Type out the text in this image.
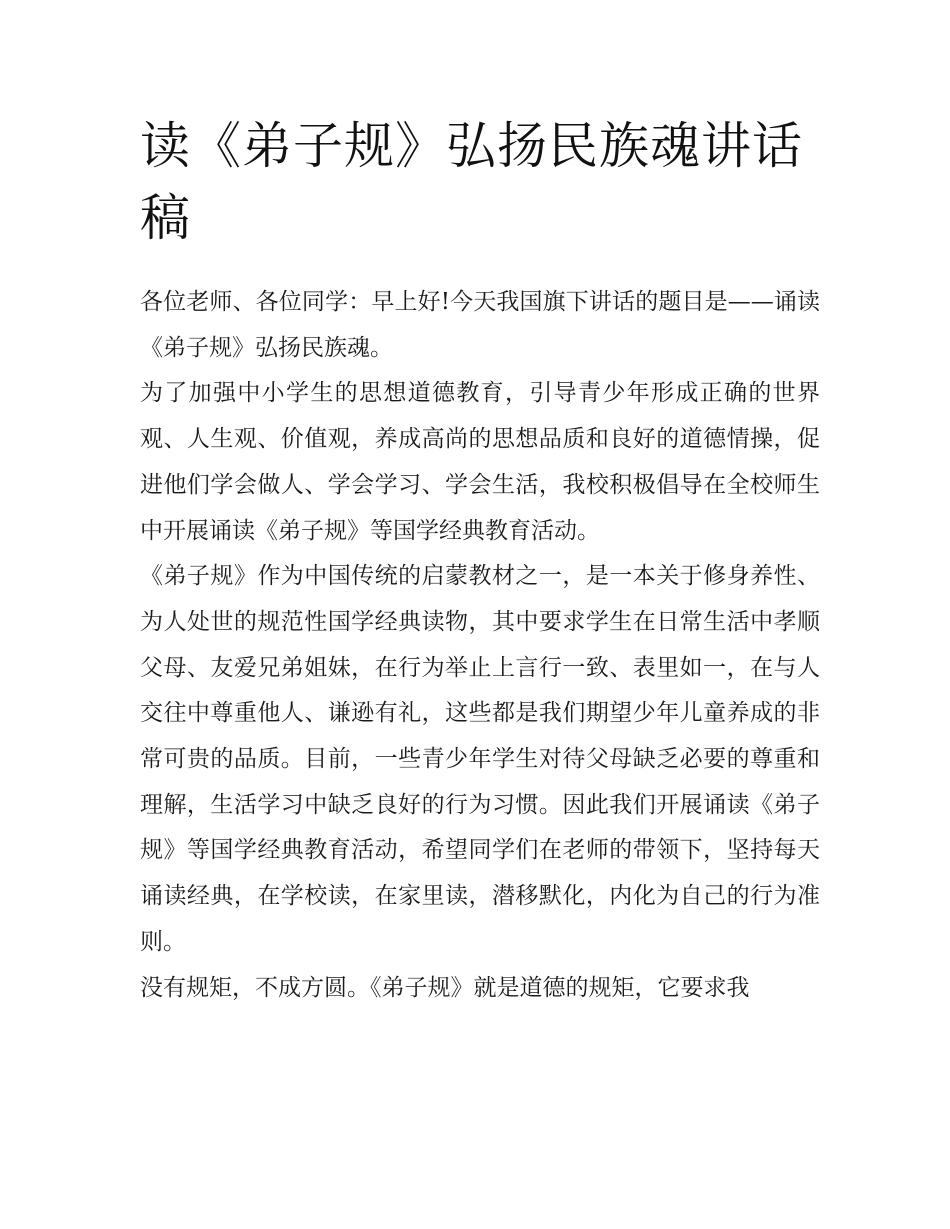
读《弟子规》弘扬民族魂讲话稿

各位老师、各位同学：早上好!今天我国旗下讲话的题目是——诵读《弟子规》弘扬民族魂。

为了加强中小学生的思想道德教育，引导青少年形成正确的世界观、人生观、价值观，养成高尚的思想品质和良好的道德情操，促进他们学会做人、学会学习、学会生活，我校积极倡导在全校师生中开展诵读《弟子规》等国学经典教育活动。

《弟子规》作为中国传统的启蒙教材之一，是一本关于修身养性、为人处世的规范性国学经典读物，其中要求学生在日常生活中孝顺父母、友爱兄弟姐妹，在行为举止上言行一致、表里如一，在与人交往中尊重他人、谦逊有礼，这些都是我们期望少年儿童养成的非常可贵的品质。目前，一些青少年学生对待父母缺乏必要的尊重和理解，生活学习中缺乏良好的行为习惯。因此我们开展诵读《弟子规》等国学经典教育活动，希望同学们在老师的带领下，坚持每天诵读经典，在学校读，在家里读，潜移默化，内化为自己的行为准则。

没有规矩，不成方圆。《弟子规》就是道德的规矩，它要求我
